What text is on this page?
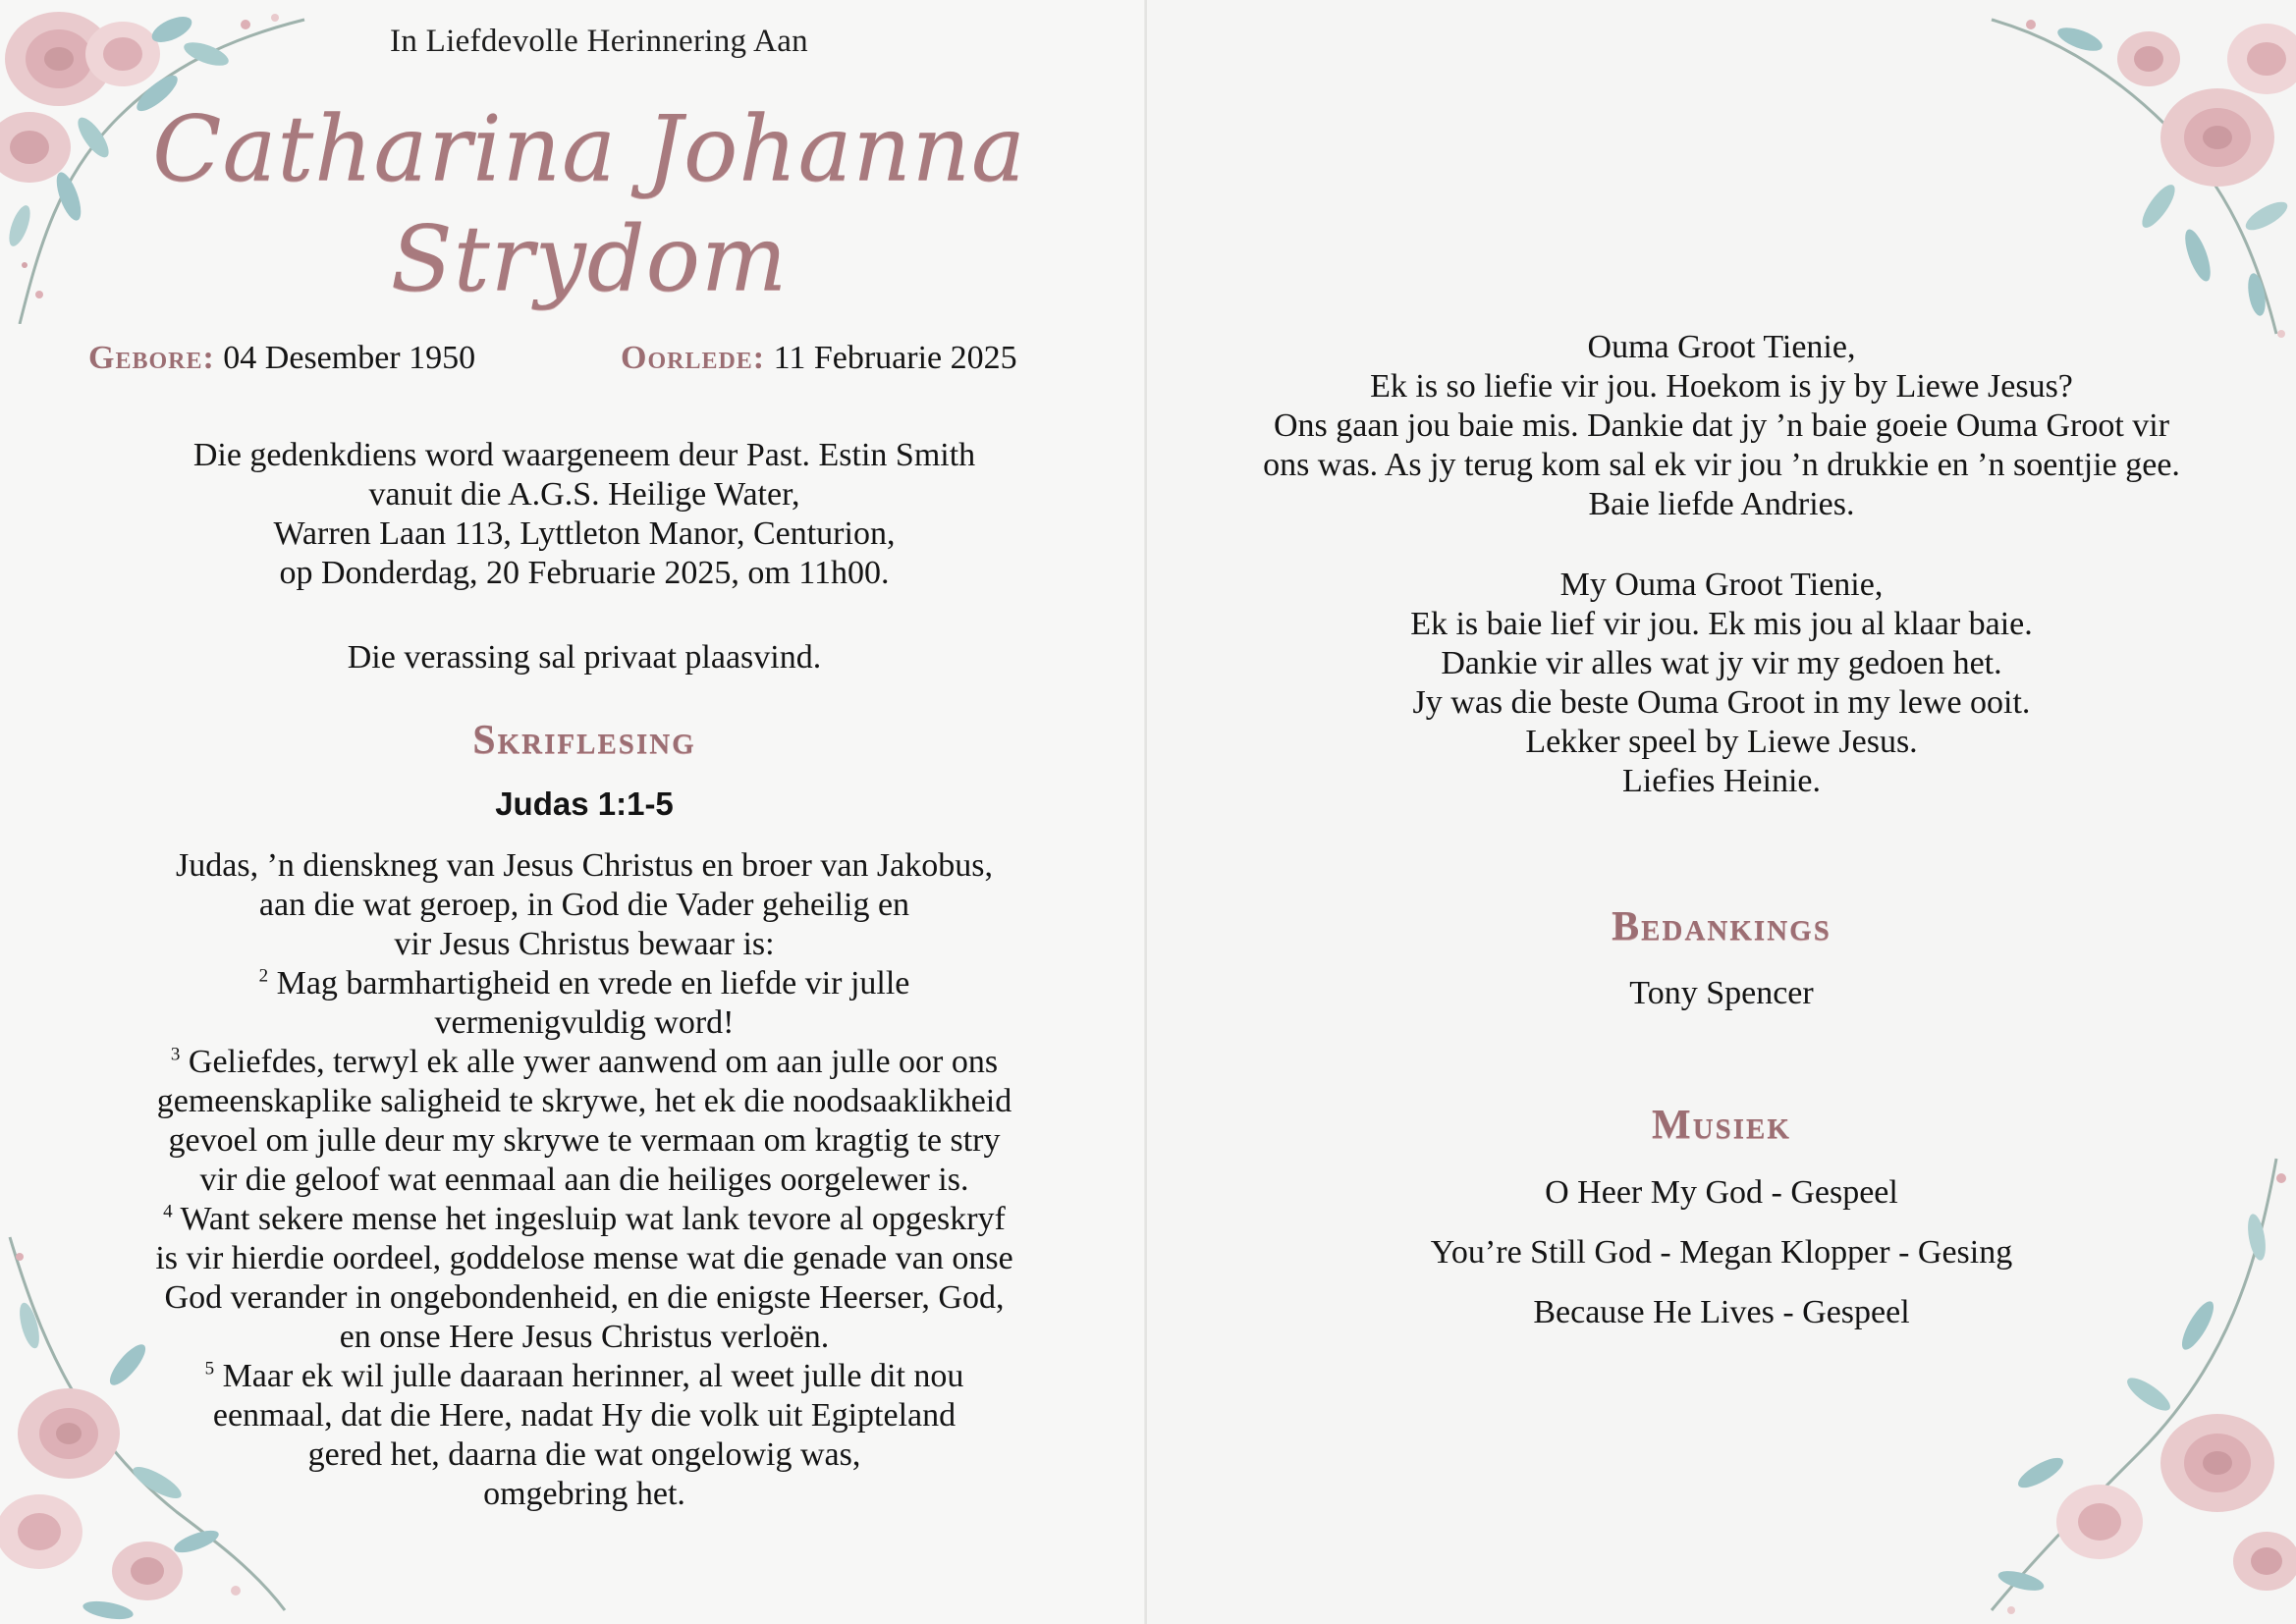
In Liefdevolle Herinnering Aan
Catharina Johanna
Strydom
Gebore: 04 Desember 1950	Oorlede: 11 Februarie 2025
Die gedenkdiens word waargeneem deur Past. Estin Smith
vanuit die A.G.S. Heilige Water,
Warren Laan 113, Lyttleton Manor, Centurion,
op Donderdag, 20 Februarie 2025, om 11h00.
Die verassing sal privaat plaasvind.
Skriflesing
Judas 1:1-5
Judas, ’n dienskneg van Jesus Christus en broer van Jakobus,
aan die wat geroep, in God die Vader geheilig en
vir Jesus Christus bewaar is:
$^2$ Mag barmhartigheid en vrede en liefde vir julle
vermenigvuldig word!
$^3$ Geliefdes, terwyl ek alle ywer aanwend om aan julle oor ons
gemeenskaplike saligheid te skrywe, het ek die noodsaaklikheid
gevoel om julle deur my skrywe te vermaan om kragtig te stry
vir die geloof wat eenmaal aan die heiliges oorgelewer is.
$^4$ Want sekere mense het ingesluip wat lank tevore al opgeskryf
is vir hierdie oordeel, goddelose mense wat die genade van onse
God verander in ongebondenheid, en die enigste Heerser, God,
en onse Here Jesus Christus verloën.
$^5$ Maar ek wil julle daaraan herinner, al weet julle dit nou
eenmaal, dat die Here, nadat Hy die volk uit Egipteland
gered het, daarna die wat ongelowig was,
omgebring het.
Ouma Groot Tienie,
Ek is so liefie vir jou. Hoekom is jy by Liewe Jesus?
Ons gaan jou baie mis. Dankie dat jy ’n baie goeie Ouma Groot vir
ons was. As jy terug kom sal ek vir jou ’n drukkie en ’n soentjie gee.
Baie liefde Andries.
My Ouma Groot Tienie,
Ek is baie lief vir jou. Ek mis jou al klaar baie.
Dankie vir alles wat jy vir my gedoen het.
Jy was die beste Ouma Groot in my lewe ooit.
Lekker speel by Liewe Jesus.
Liefies Heinie.
Bedankings
Tony Spencer
Musiek
O Heer My God - Gespeel
You’re Still God - Megan Klopper - Gesing
Because He Lives - Gespeel
